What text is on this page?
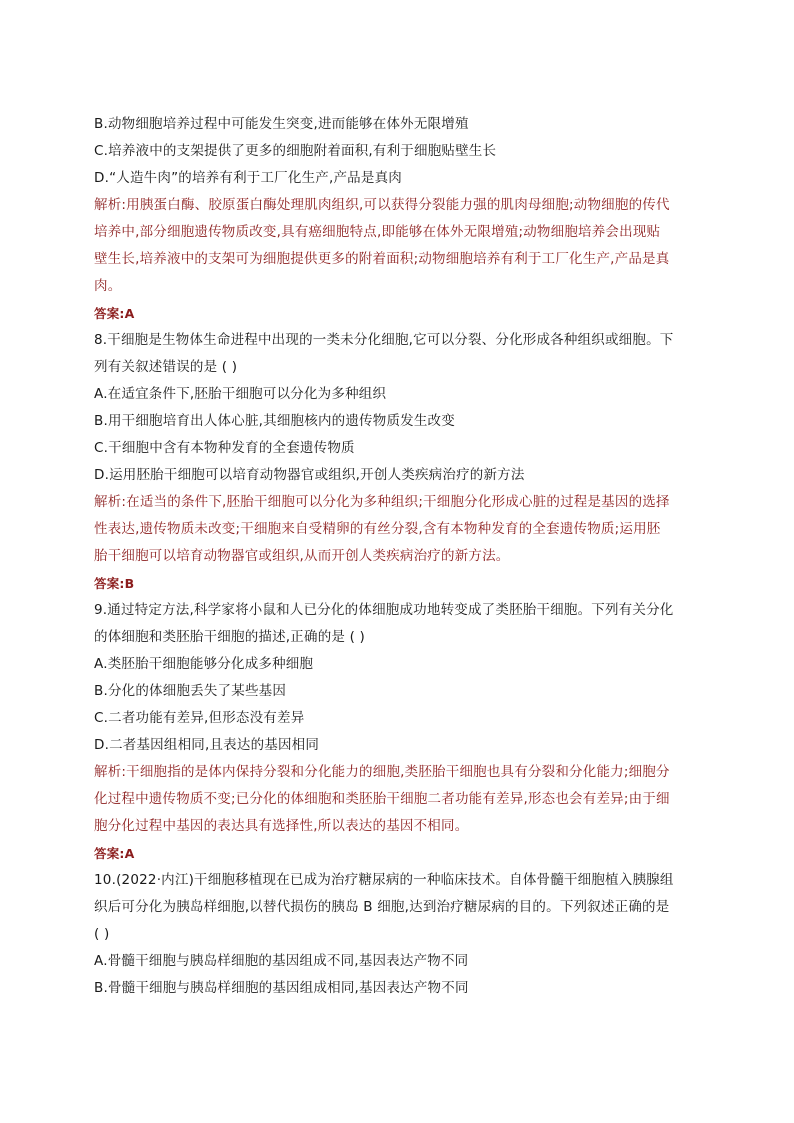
B.动物细胞培养过程中可能发生突变,进而能够在体外无限增殖
C.培养液中的支架提供了更多的细胞附着面积,有利于细胞贴壁生长
D.“人造牛肉”的培养有利于工厂化生产,产品是真肉
解析:用胰蛋白酶、胶原蛋白酶处理肌肉组织,可以获得分裂能力强的肌肉母细胞;动物细胞的传代
培养中,部分细胞遗传物质改变,具有癌细胞特点,即能够在体外无限增殖;动物细胞培养会出现贴
壁生长,培养液中的支架可为细胞提供更多的附着面积;动物细胞培养有利于工厂化生产,产品是真
肉。
答案:A
8.干细胞是生物体生命进程中出现的一类未分化细胞,它可以分裂、分化形成各种组织或细胞。下
列有关叙述错误的是 ( )
A.在适宜条件下,胚胎干细胞可以分化为多种组织
B.用干细胞培育出人体心脏,其细胞核内的遗传物质发生改变
C.干细胞中含有本物种发育的全套遗传物质
D.运用胚胎干细胞可以培育动物器官或组织,开创人类疾病治疗的新方法
解析:在适当的条件下,胚胎干细胞可以分化为多种组织;干细胞分化形成心脏的过程是基因的选择
性表达,遗传物质未改变;干细胞来自受精卵的有丝分裂,含有本物种发育的全套遗传物质;运用胚
胎干细胞可以培育动物器官或组织,从而开创人类疾病治疗的新方法。
答案:B
9.通过特定方法,科学家将小鼠和人已分化的体细胞成功地转变成了类胚胎干细胞。下列有关分化
的体细胞和类胚胎干细胞的描述,正确的是 ( )
A.类胚胎干细胞能够分化成多种细胞
B.分化的体细胞丢失了某些基因
C.二者功能有差异,但形态没有差异
D.二者基因组相同,且表达的基因相同
解析:干细胞指的是体内保持分裂和分化能力的细胞,类胚胎干细胞也具有分裂和分化能力;细胞分
化过程中遗传物质不变;已分化的体细胞和类胚胎干细胞二者功能有差异,形态也会有差异;由于细
胞分化过程中基因的表达具有选择性,所以表达的基因不相同。
答案:A
10.(2022·内江)干细胞移植现在已成为治疗糖尿病的一种临床技术。自体骨髓干细胞植入胰腺组
织后可分化为胰岛样细胞,以替代损伤的胰岛 B 细胞,达到治疗糖尿病的目的。下列叙述正确的是
( )
A.骨髓干细胞与胰岛样细胞的基因组成不同,基因表达产物不同
B.骨髓干细胞与胰岛样细胞的基因组成相同,基因表达产物不同
